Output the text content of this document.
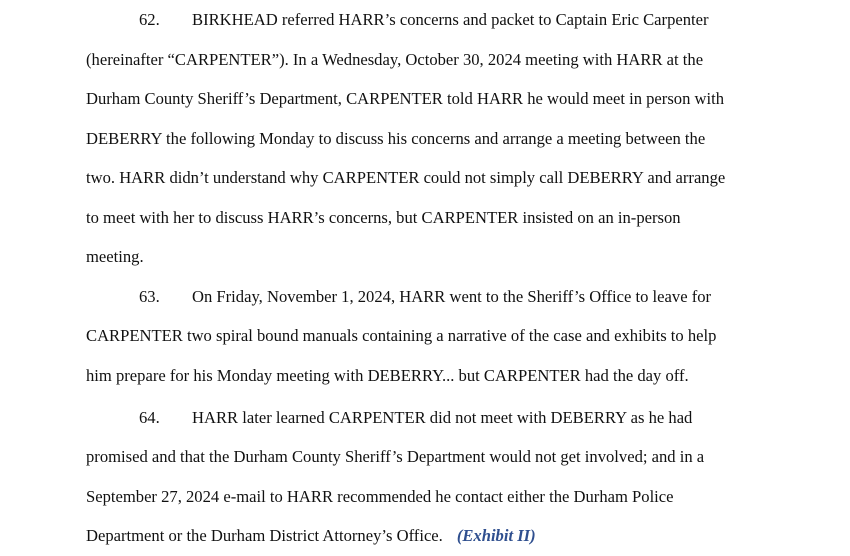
62. BIRKHEAD referred HARR’s concerns and packet to Captain Eric Carpenter
(hereinafter “CARPENTER”). In a Wednesday, October 30, 2024 meeting with HARR at the
Durham County Sheriff’s Department, CARPENTER told HARR he would meet in person with
DEBERRY the following Monday to discuss his concerns and arrange a meeting between the
two. HARR didn’t understand why CARPENTER could not simply call DEBERRY and arrange
to meet with her to discuss HARR’s concerns, but CARPENTER insisted on an in-person
meeting.
63. On Friday, November 1, 2024, HARR went to the Sheriff’s Office to leave for
CARPENTER two spiral bound manuals containing a narrative of the case and exhibits to help
him prepare for his Monday meeting with DEBERRY... but CARPENTER had the day off.
64. HARR later learned CARPENTER did not meet with DEBERRY as he had
promised and that the Durham County Sheriff’s Department would not get involved; and in a
September 27, 2024 e-mail to HARR recommended he contact either the Durham Police
Department or the Durham District Attorney’s Office. (Exhibit II)
